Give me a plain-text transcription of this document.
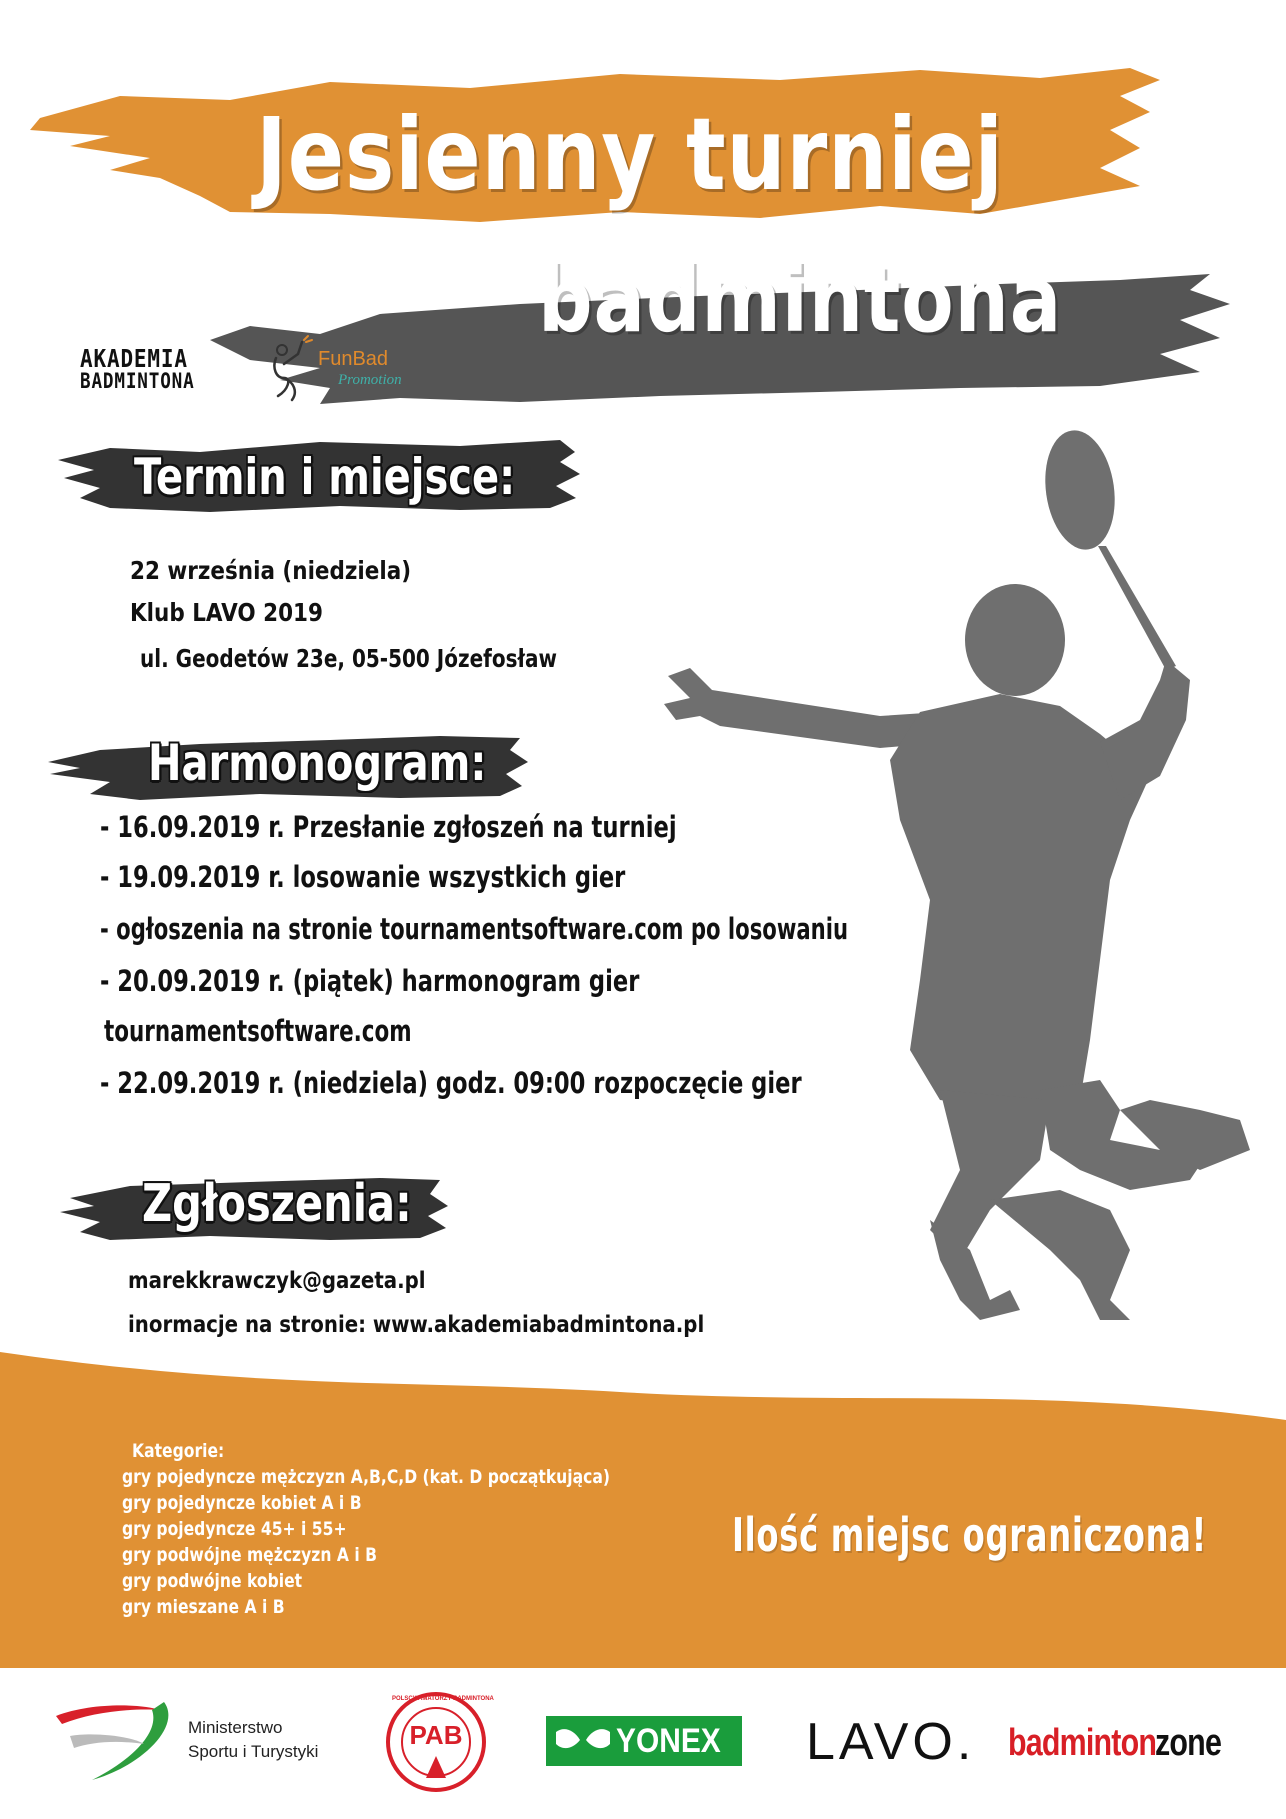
Jesienny turniej
badmintona
AKADEMIA
BADMINTONA
FunBad
Promotion
Termin i miejsce:
22 września (niedziela)
Klub LAVO 2019
ul. Geodetów 23e, 05-500 Józefosław
Harmonogram:
- 16.09.2019 r. Przesłanie zgłoszeń na turniej
- 19.09.2019 r. losowanie wszystkich gier
- ogłoszenia na stronie tournamentsoftware.com po losowaniu
- 20.09.2019 r. (piątek) harmonogram gier
tournamentsoftware.com
- 22.09.2019 r. (niedziela) godz. 09:00 rozpoczęcie gier
Zgłoszenia:
marekkrawczyk@gazeta.pl
inormacje na stronie: www.akademiabadmintona.pl
Kategorie:
gry pojedyncze mężczyzn A,B,C,D (kat. D początkująca)
gry pojedyncze kobiet A i B
gry pojedyncze 45+ i 55+
gry podwójne mężczyzn A i B
gry podwójne kobiet
gry mieszane A i B
Ilość miejsc ograniczona!
Ministerstwo
Sportu i Turystyki
POLSCY AMATORZY BADMINTONA
PAB	YONEX LAVO. badmintonzone
